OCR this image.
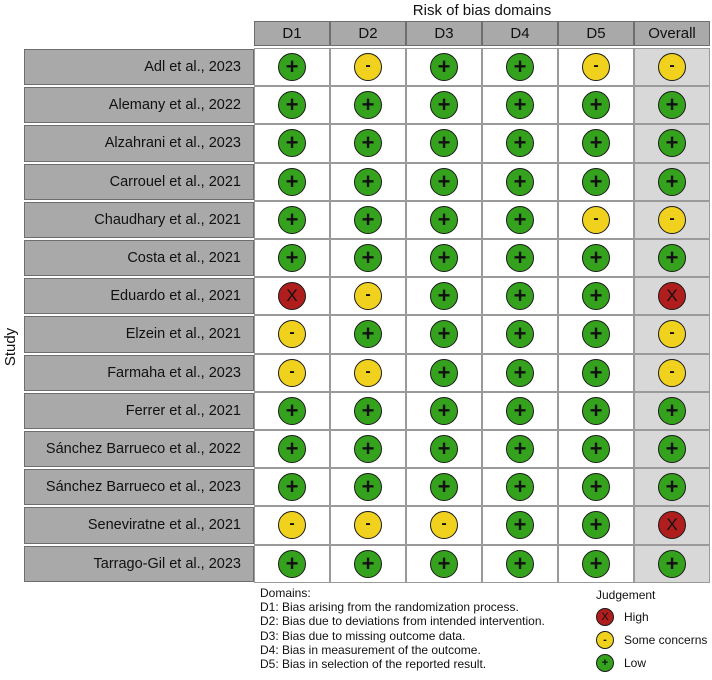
Risk of bias domains
Study
D1	D2	D3	D4	D5	Overall
Adl et al., 2023	+	-	+	+	-	-
Alemany et al., 2022	+	+	+	+	+	+
Alzahrani et al., 2023	+	+	+	+	+	+
Carrouel et al., 2021	+	+	+	+	+	+
Chaudhary et al., 2021	+	+	+	+	-	-
Costa et al., 2021	+	+	+	+	+	+
Eduardo et al., 2021	X	-	+	+	+	X
Elzein et al., 2021	-	+	+	+	+	-
Farmaha et al., 2023	-	-	+	+	+	-
Ferrer et al., 2021	+	+	+	+	+	+
Sánchez Barrueco et al., 2022	+	+	+	+	+	+
Sánchez Barrueco et al., 2023	+	+	+	+	+	+
Seneviratne et al., 2021	-	-	-	+	+	X
Tarrago-Gil et al., 2023	+	+	+	+	+	+
Domains:
D1: Bias arising from the randomization process.
D2: Bias due to deviations from intended intervention.
D3: Bias due to missing outcome data.
D4: Bias in measurement of the outcome.
D5: Bias in selection of the reported result.
Judgement
X	High
-	Some concerns
+	Low
